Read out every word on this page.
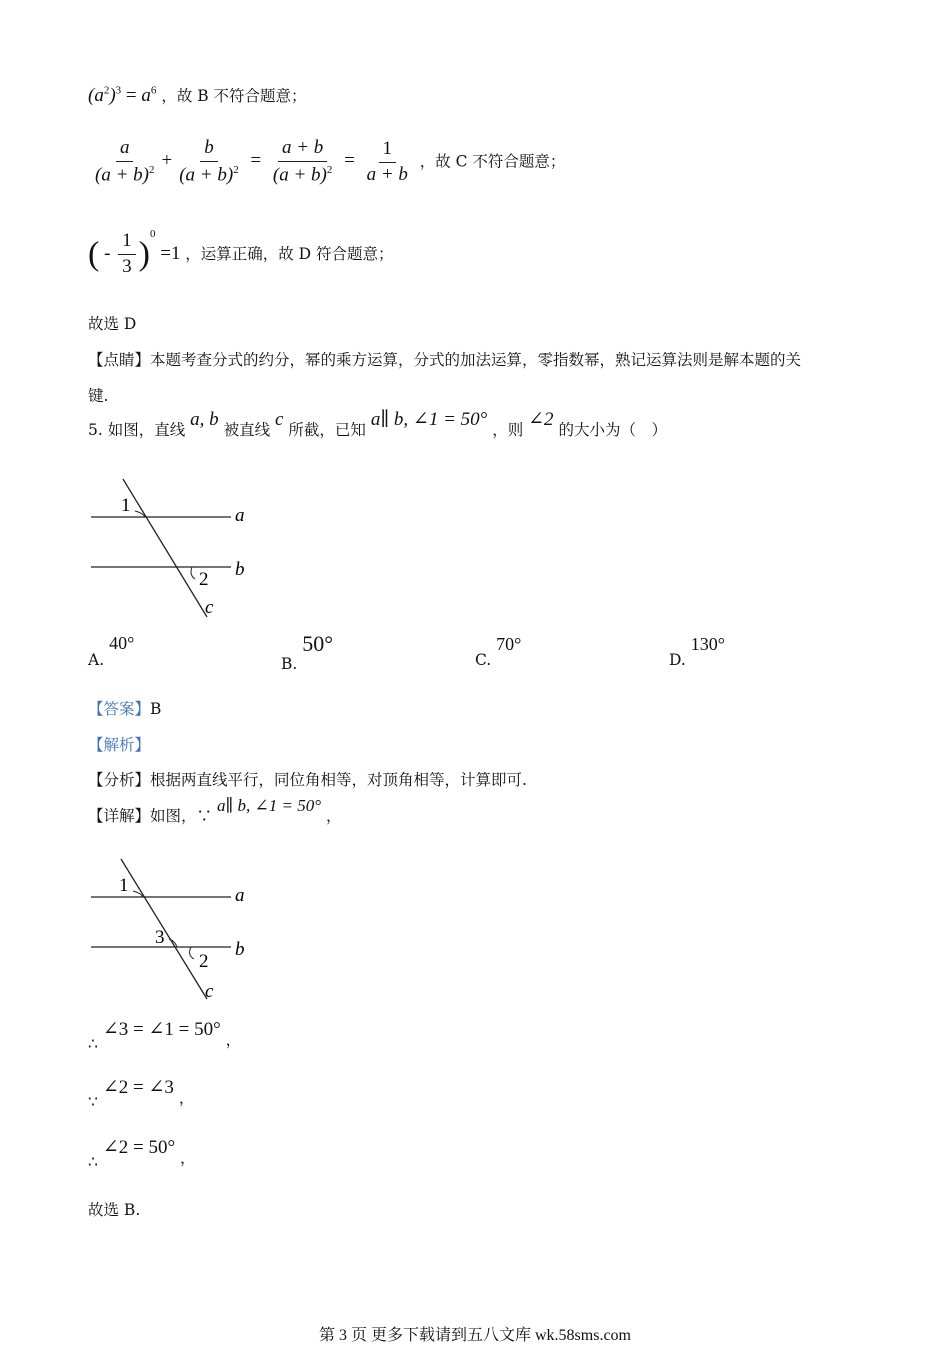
$(a^2)^3 = a^6$ ，故 B 不符合题意；
$\frac{a}{(a + b)^2} + \frac{b}{(a + b)^2} = \frac{a + b}{(a + b)^2} = \frac{1}{a + b}$ ，故 C 不符合题意；
( - $\frac{1}{3} )^0 =1$ ，运算正确，故 D 符合题意；
故选 D
【点睛】本题考查分式的约分，幂的乘方运算，分式的加法运算，零指数幂，熟记运算法则是解本题的关
键.
5. 如图，直线 a, b 被直线 c 所截，已知 a∥ b, ∠1 = 50° ，则 ∠2 的大小为（　）
1
2
a
b
c
A. 40°
B. 50°
C. 70°
D. 130°
【答案】B
【解析】
【分析】根据两直线平行，同位角相等，对顶角相等，计算即可.
【详解】如图，∵ a∥ b, ∠1 = 50° ，
1
3
2
a
b
c
∴ ∠3 = ∠1 = 50° ，
∵ ∠2 = ∠3 ，
∴ ∠2 = 50° ，
故选 B.
第 3 页 更多下载请到五八文库 wk.58sms.com
